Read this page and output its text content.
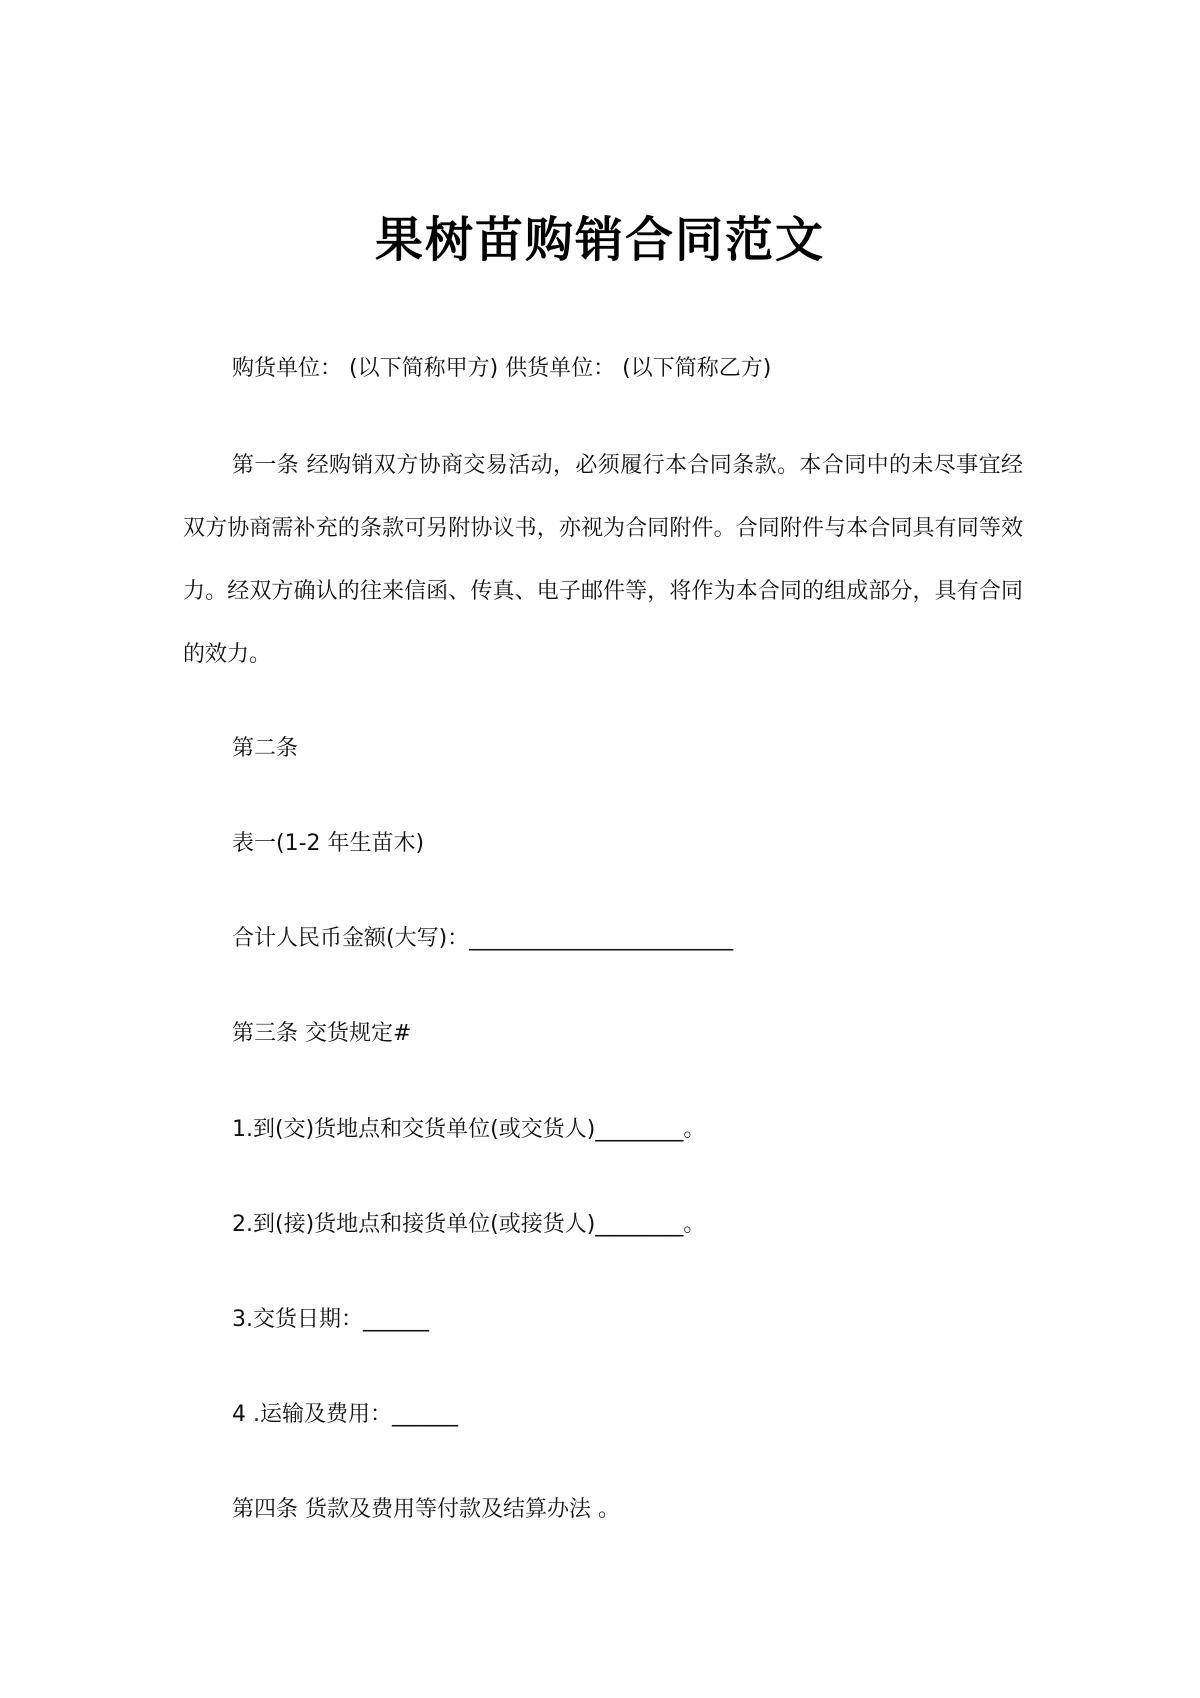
果树苗购销合同范文
购货单位： (以下简称甲方) 供货单位： (以下简称乙方)
第一条 经购销双方协商交易活动，必须履行本合同条款。本合同中的未尽事宜经双方协商需补充的条款可另附协议书，亦视为合同附件。合同附件与本合同具有同等效力。经双方确认的往来信函、传真、电子邮件等，将作为本合同的组成部分，具有合同的效力。
第二条
表一(1-2 年生苗木)
合计人民币金额(大写)：________________________
第三条 交货规定#
1.到(交)货地点和交货单位(或交货人)________。
2.到(接)货地点和接货单位(或接货人)________。
3.交货日期：______
4 .运输及费用：______
第四条 货款及费用等付款及结算办法 。
